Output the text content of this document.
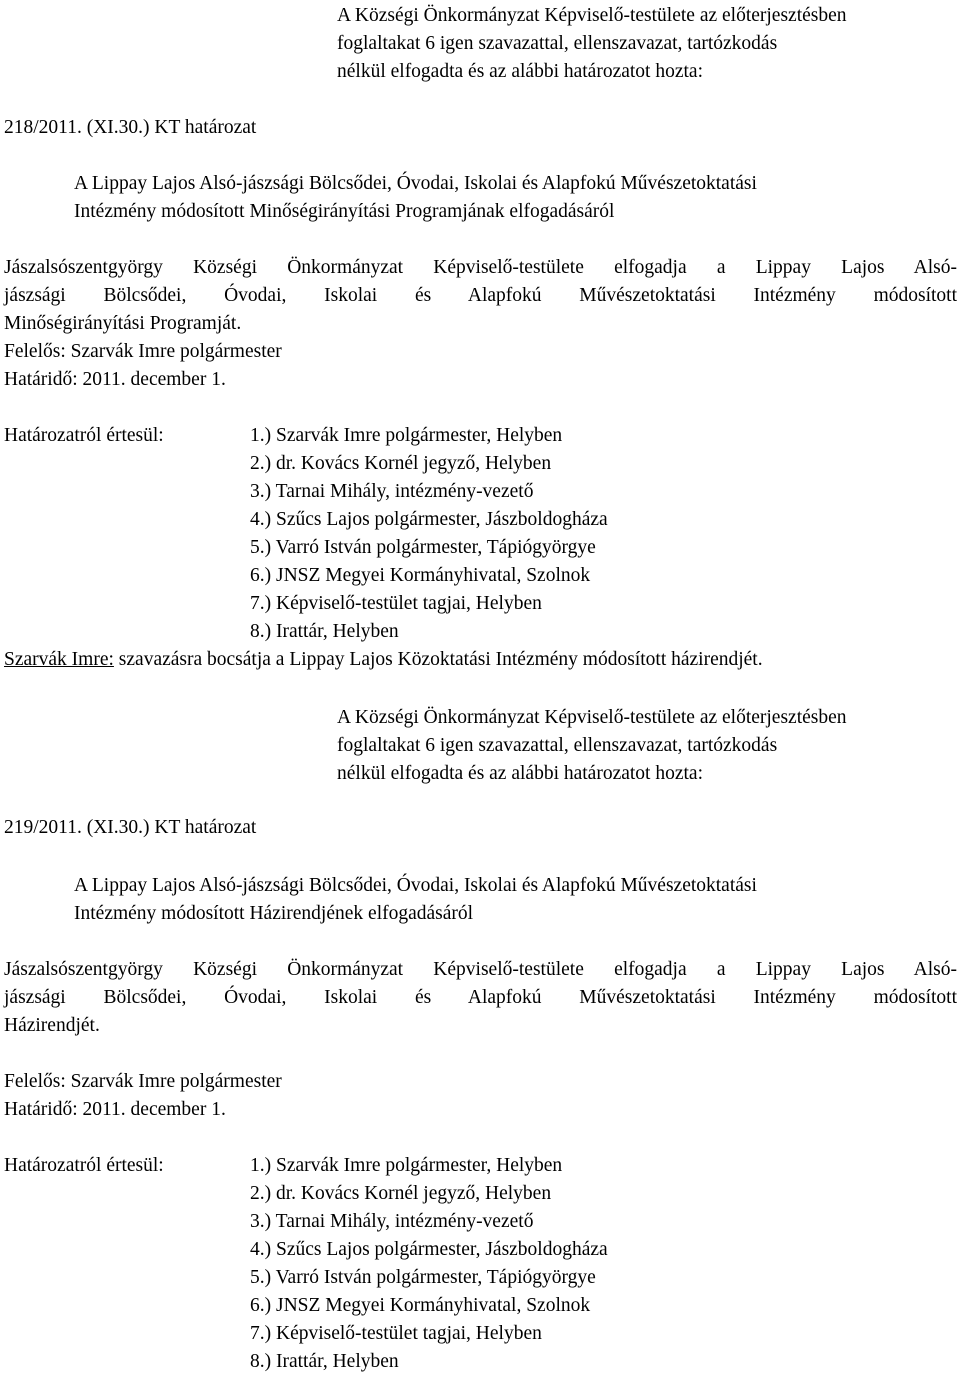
A Községi Önkormányzat Képviselő-testülete az előterjesztésben
foglaltakat 6 igen szavazattal, ellenszavazat, tartózkodás
nélkül elfogadta és az alábbi határozatot hozta:
218/2011. (XI.30.) KT határozat
A Lippay Lajos Alsó-jászsági Bölcsődei, Óvodai, Iskolai és Alapfokú Művészetoktatási
Intézmény módosított Minőségirányítási Programjának elfogadásáról
Jászalsószentgyörgy Községi Önkormányzat Képviselő-testülete elfogadja a Lippay Lajos Alsó-
jászsági Bölcsődei, Óvodai, Iskolai és Alapfokú Művészetoktatási Intézmény módosított
Minőségirányítási Programját.
Felelős: Szarvák Imre polgármester
Határidő: 2011. december 1.
Határozatról értesül:	1.) Szarvák Imre polgármester, Helyben
2.) dr. Kovács Kornél jegyző, Helyben
3.) Tarnai Mihály, intézmény-vezető
4.) Szűcs Lajos polgármester, Jászboldogháza
5.) Varró István polgármester, Tápiógyörgye
6.) JNSZ Megyei Kormányhivatal, Szolnok
7.) Képviselő-testület tagjai, Helyben
8.) Irattár, Helyben
Szarvák Imre: szavazásra bocsátja a Lippay Lajos Közoktatási Intézmény módosított házirendjét.
A Községi Önkormányzat Képviselő-testülete az előterjesztésben
foglaltakat 6 igen szavazattal, ellenszavazat, tartózkodás
nélkül elfogadta és az alábbi határozatot hozta:
219/2011. (XI.30.) KT határozat
A Lippay Lajos Alsó-jászsági Bölcsődei, Óvodai, Iskolai és Alapfokú Művészetoktatási
Intézmény módosított Házirendjének elfogadásáról
Jászalsószentgyörgy Községi Önkormányzat Képviselő-testülete elfogadja a Lippay Lajos Alsó-
jászsági Bölcsődei, Óvodai, Iskolai és Alapfokú Művészetoktatási Intézmény módosított
Házirendjét.
Felelős: Szarvák Imre polgármester
Határidő: 2011. december 1.
Határozatról értesül:	1.) Szarvák Imre polgármester, Helyben
2.) dr. Kovács Kornél jegyző, Helyben
3.) Tarnai Mihály, intézmény-vezető
4.) Szűcs Lajos polgármester, Jászboldogháza
5.) Varró István polgármester, Tápiógyörgye
6.) JNSZ Megyei Kormányhivatal, Szolnok
7.) Képviselő-testület tagjai, Helyben
8.) Irattár, Helyben
